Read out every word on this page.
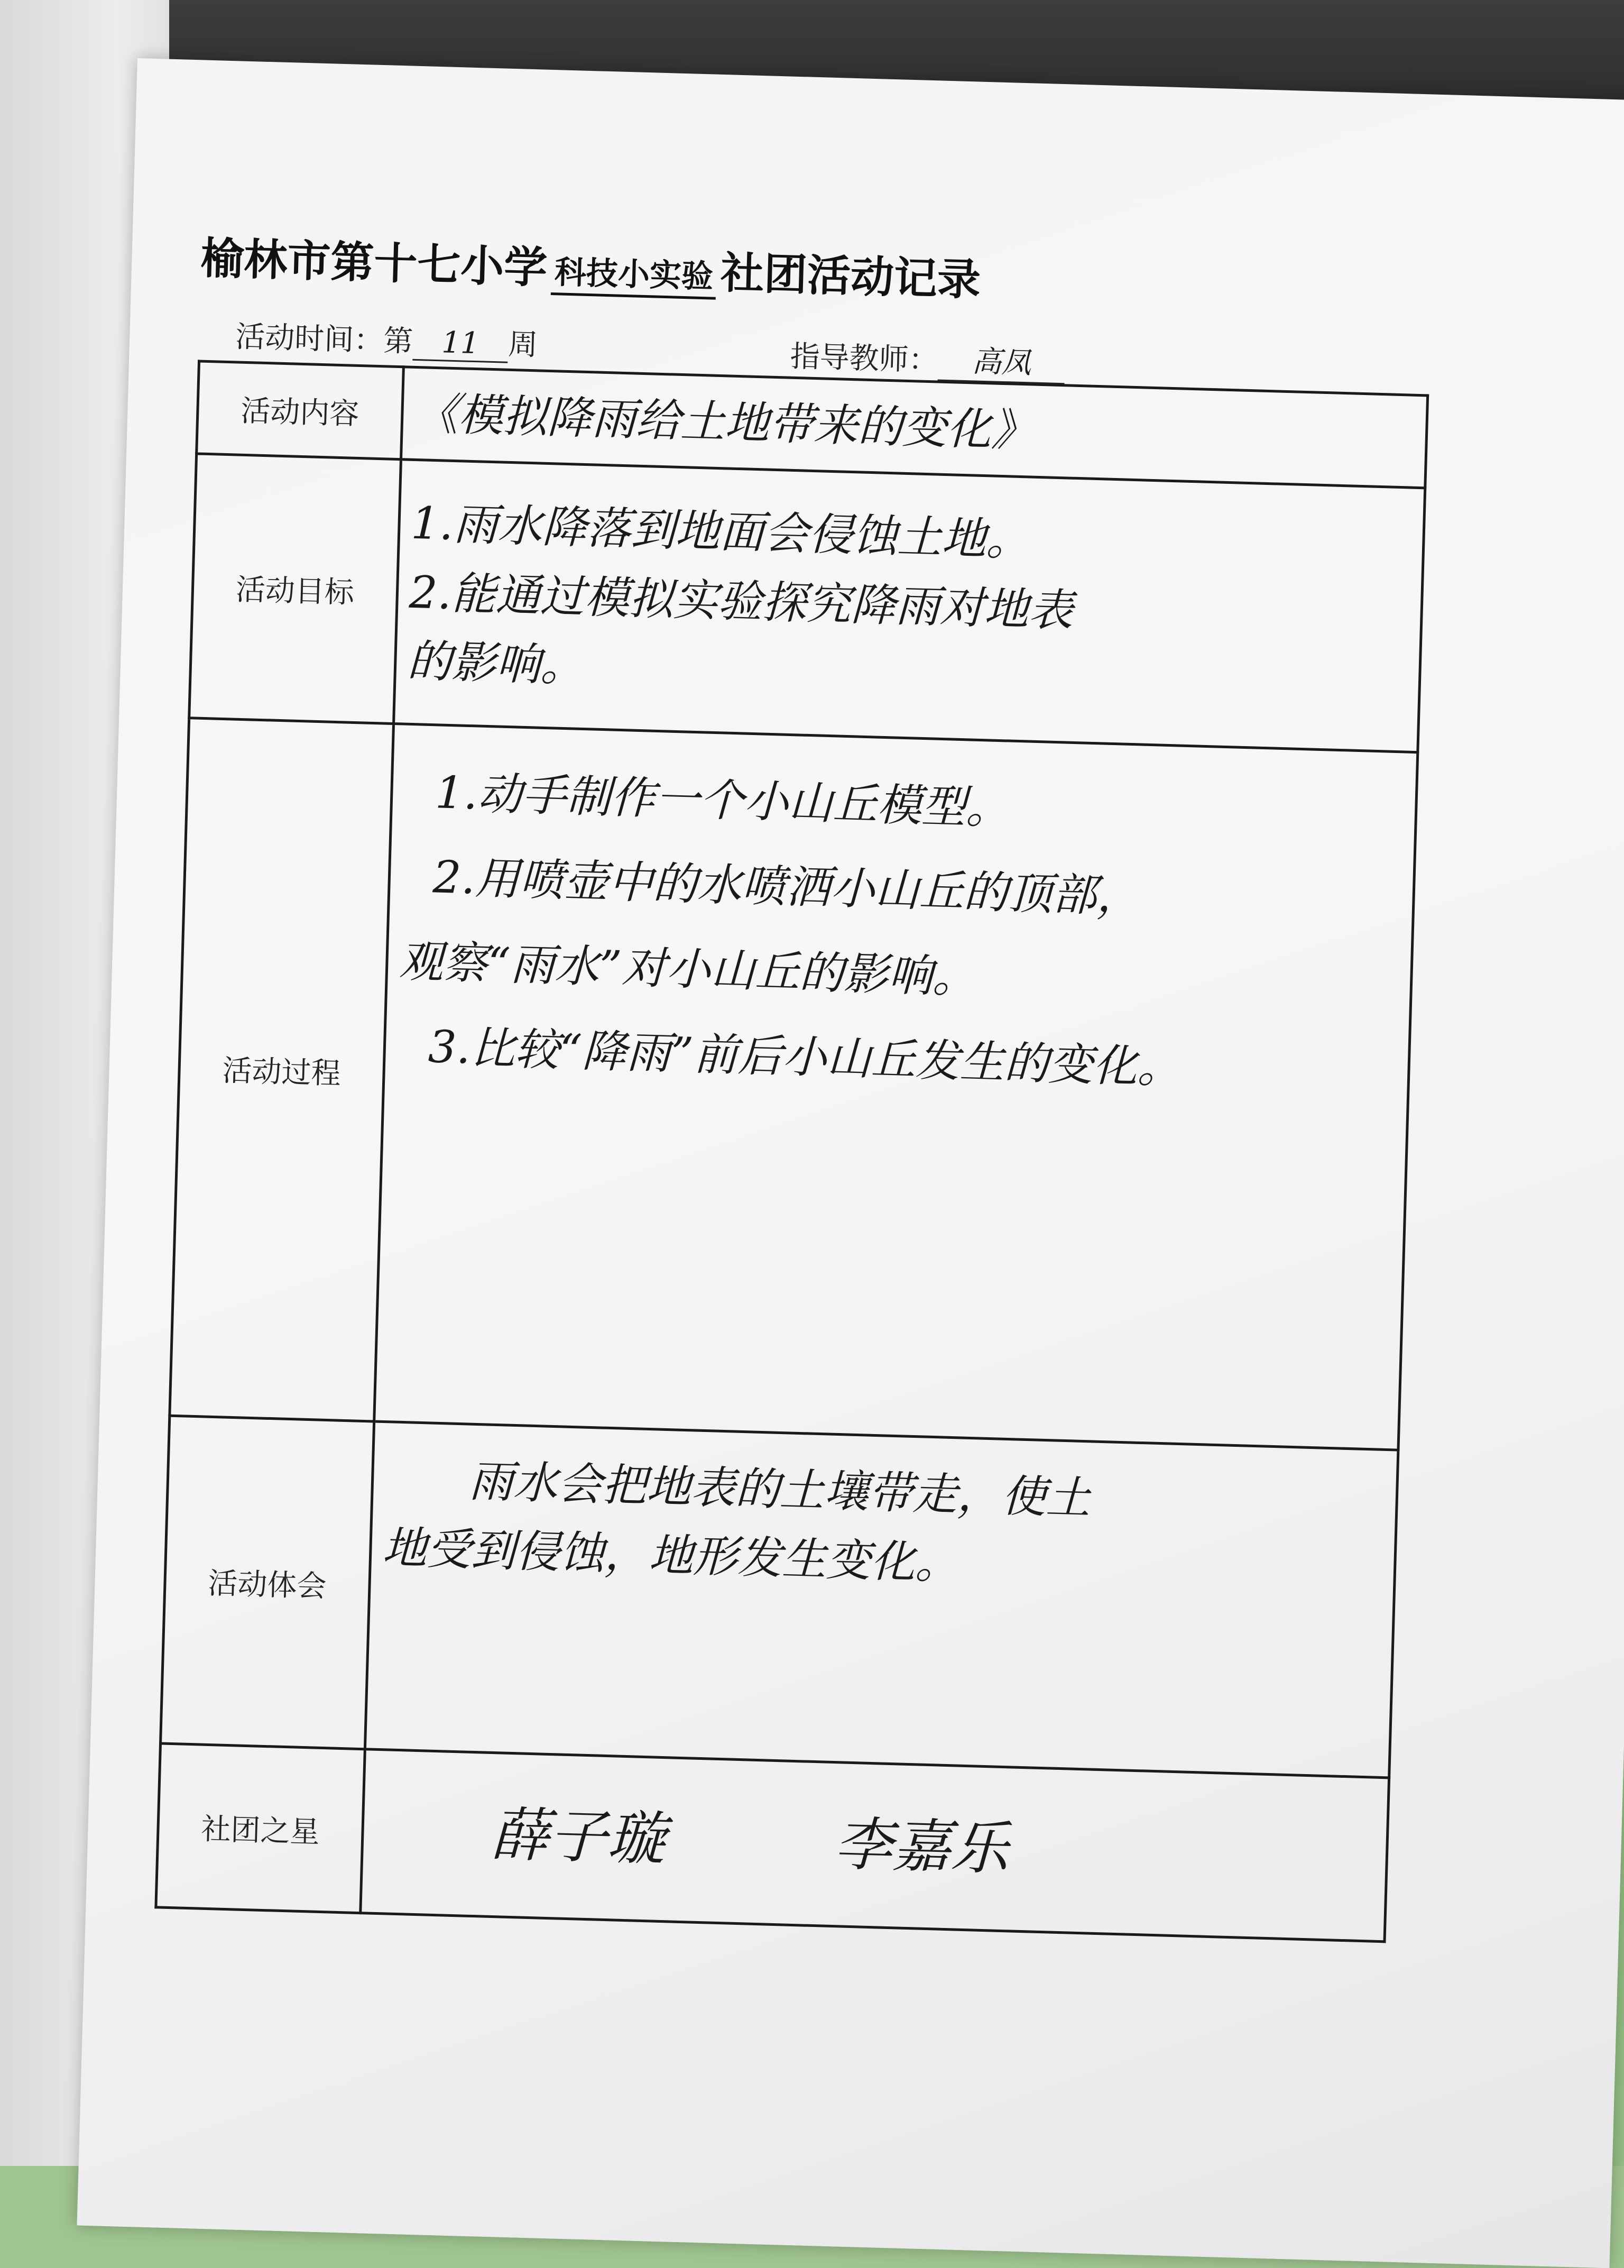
榆林市第十七小学 科技小实验 社团活动记录
活动时间：第 11 周	指导教师： 高凤
活动内容	《模拟降雨给土地带来的变化》
活动目标	1.雨水降落到地面会侵蚀土地。
2.能通过模拟实验探究降雨对地表
的影响。

活动过程	1.动手制作一个小山丘模型。
2.用喷壶中的水喷洒小山丘的顶部，
观察“雨水”对小山丘的影响。
3.比较“降雨”前后小山丘发生的变化。

活动体会	雨水会把地表的土壤带走，使土
地受到侵蚀，地形发生变化。

社团之星	薛子璇 李嘉乐
